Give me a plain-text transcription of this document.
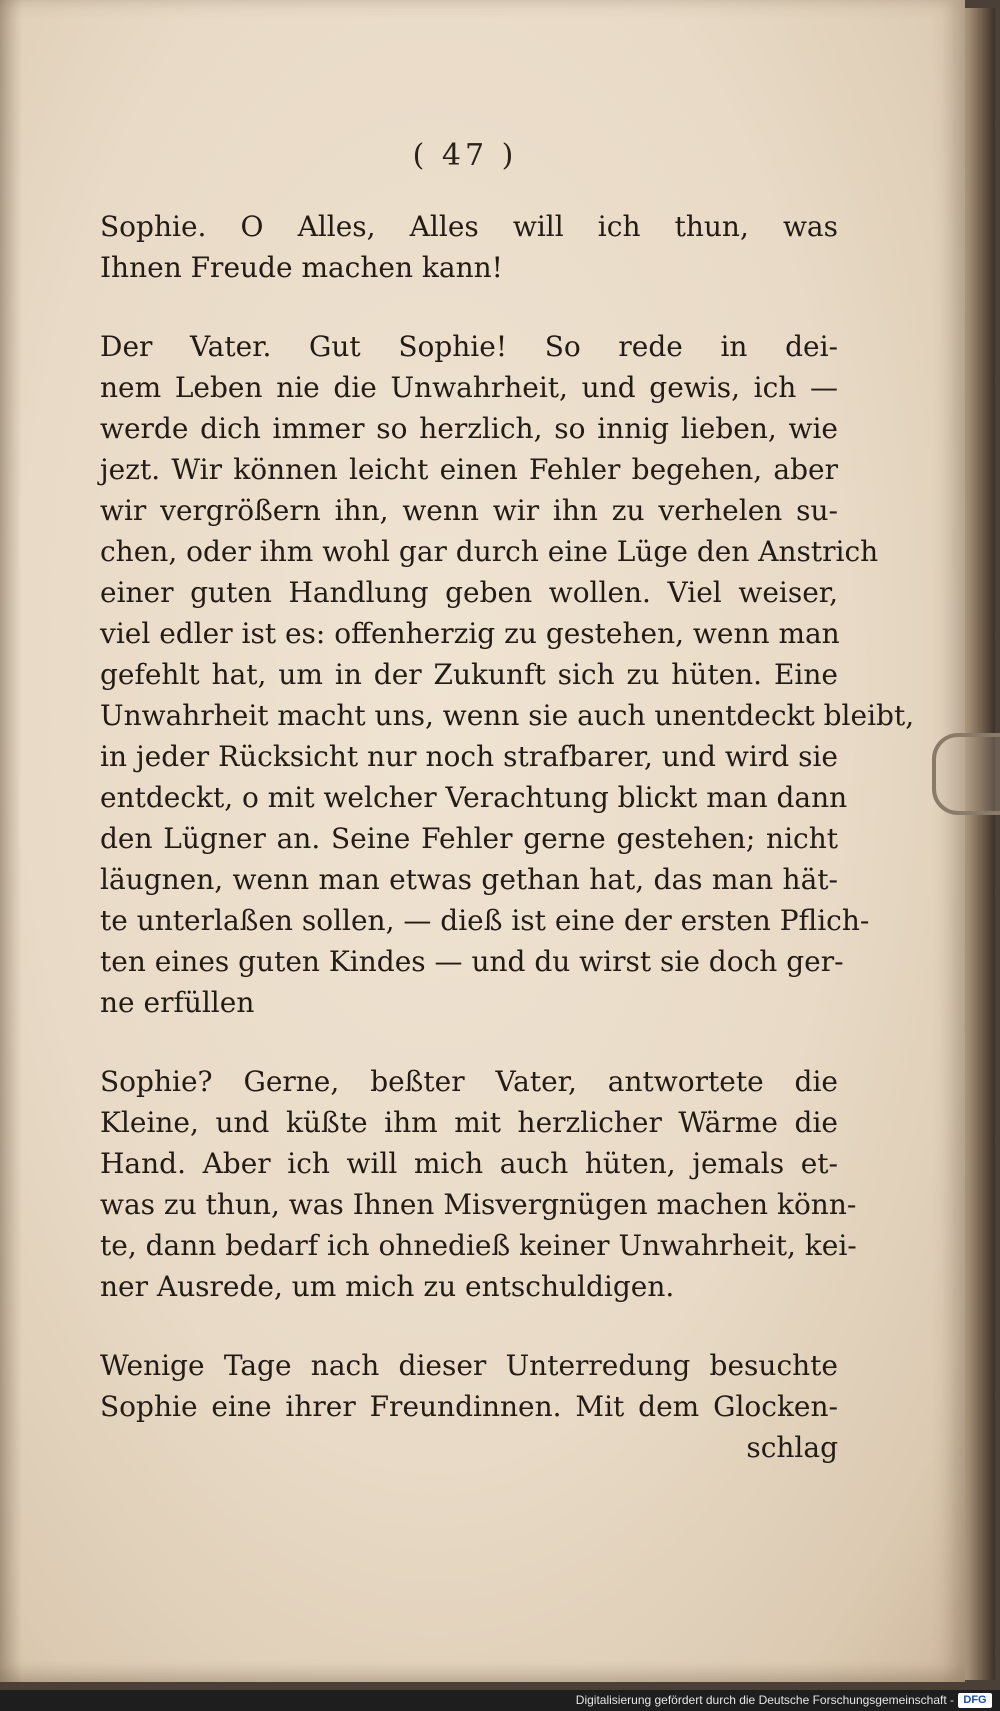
( 47 )
Sophie. O Alles, Alles will ich thun, was
Ihnen Freude machen kann!
Der Vater. Gut Sophie! So rede in dei-
nem Leben nie die Unwahrheit, und gewis, ich —
werde dich immer so herzlich, so innig lieben, wie
jezt. Wir können leicht einen Fehler begehen, aber
wir vergrößern ihn, wenn wir ihn zu verhelen su-
chen, oder ihm wohl gar durch eine Lüge den Anstrich
einer guten Handlung geben wollen. Viel weiser,
viel edler ist es: offenherzig zu gestehen, wenn man
gefehlt hat, um in der Zukunft sich zu hüten. Eine
Unwahrheit macht uns, wenn sie auch unentdeckt bleibt,
in jeder Rücksicht nur noch strafbarer, und wird sie
entdeckt, o mit welcher Verachtung blickt man dann
den Lügner an. Seine Fehler gerne gestehen; nicht
läugnen, wenn man etwas gethan hat, das man hät-
te unterlaßen sollen, — dieß ist eine der ersten Pflich-
ten eines guten Kindes — und du wirst sie doch ger-
ne erfüllen
Sophie? Gerne, beßter Vater, antwortete die
Kleine, und küßte ihm mit herzlicher Wärme die
Hand. Aber ich will mich auch hüten, jemals et-
was zu thun, was Ihnen Misvergnügen machen könn-
te, dann bedarf ich ohnedieß keiner Unwahrheit, kei-
ner Ausrede, um mich zu entschuldigen.
Wenige Tage nach dieser Unterredung besuchte
Sophie eine ihrer Freundinnen. Mit dem Glocken-
schlag
Digitalisierung gefördert durch die Deutsche Forschungsgemeinschaft - DFG
